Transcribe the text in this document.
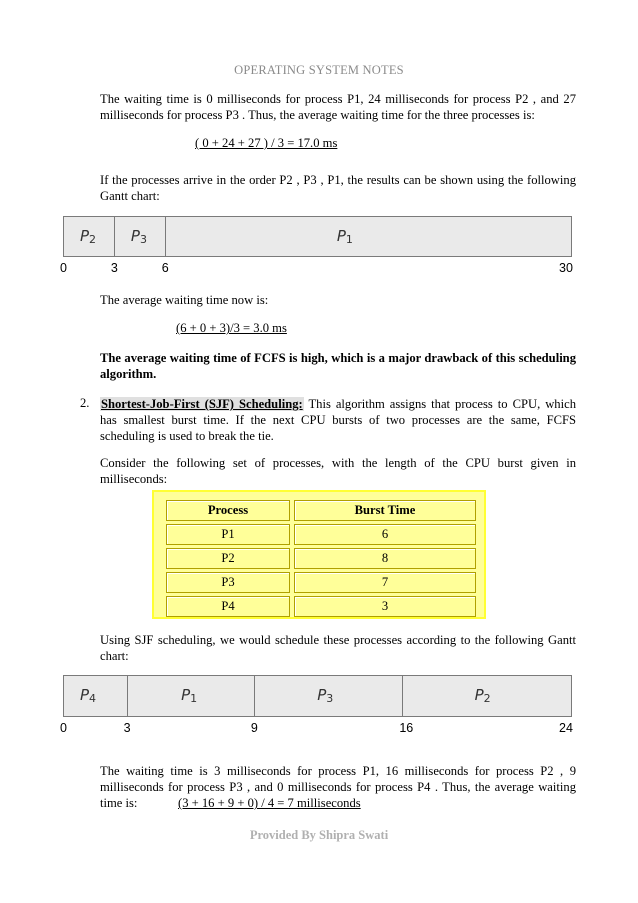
OPERATING SYSTEM NOTES
The waiting time is 0 milliseconds for process P1, 24 milliseconds for process P2 , and 27 milliseconds for process P3 . Thus, the average waiting time for the three processes is:
( 0 + 24 + 27 ) / 3 = 17.0 ms
If the processes arrive in the order P2 , P3 , P1, the results can be shown using the following Gantt chart:
$P_2$ $P_3$	$P_1$
0	3	6	30
The average waiting time now is:
(6 + 0 + 3)/3 = 3.0 ms
The average waiting time of FCFS is high, which is a major drawback of this scheduling algorithm.
2. Shortest-Job-First (SJF) Scheduling: This algorithm assigns that process to CPU, which has smallest burst time. If the next CPU bursts of two processes are the same, FCFS scheduling is used to break the tie.
Consider the following set of processes, with the length of the CPU burst given in milliseconds:
Process	Burst Time
P1	6
P2	8
P3	7
P4	3
Using SJF scheduling, we would schedule these processes according to the following Gantt chart:
$P_4$	$P_1$	$P_3$	$P_2$
0	3	9	16	24
The waiting time is 3 milliseconds for process P1, 16 milliseconds for process P2 , 9 milliseconds for process P3 , and 0 milliseconds for process P4 . Thus, the average waiting time is:	(3 + 16 + 9 + 0) / 4 = 7 milliseconds
Provided By Shipra Swati
